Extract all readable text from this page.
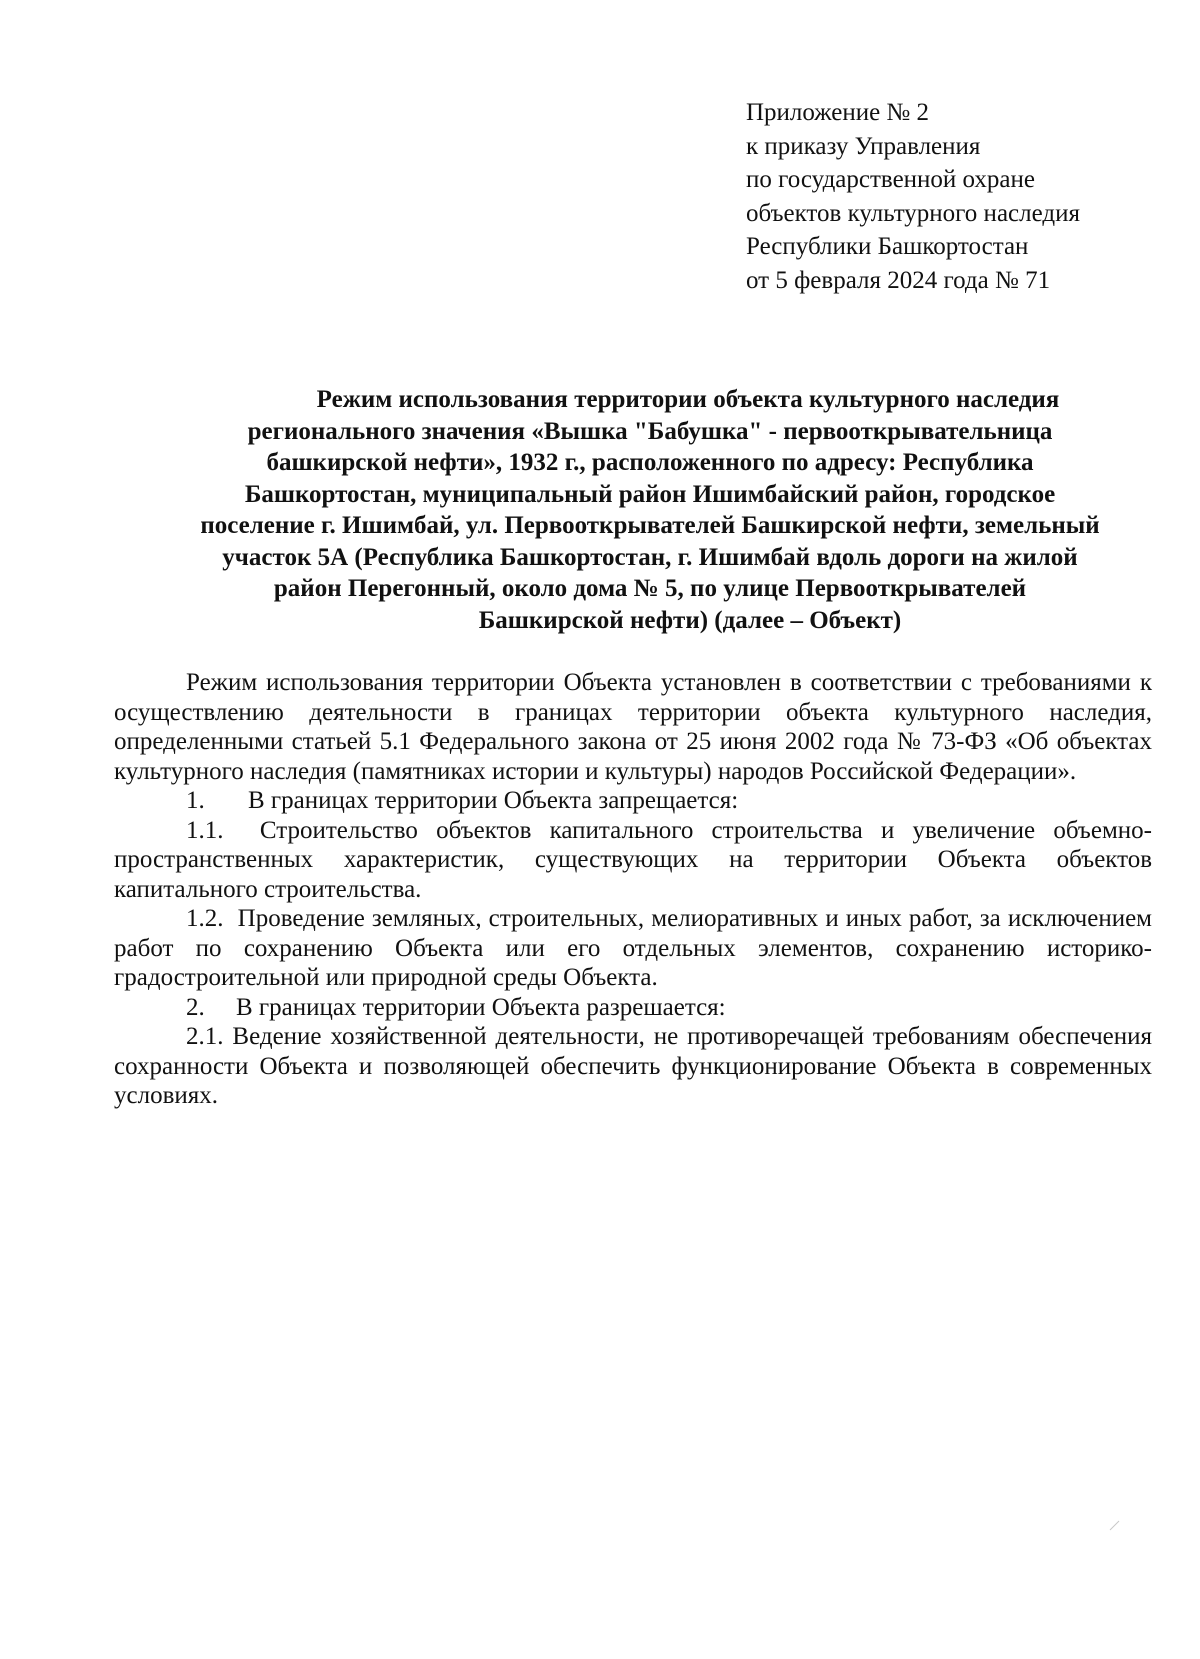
Приложение № 2
к приказу Управления
по государственной охране
объектов культурного наследия
Республики Башкортостан
от 5 февраля 2024 года № 71
Режим использования территории объекта культурного наследия
регионального значения «Вышка "Бабушка" - первооткрывательница
башкирской нефти», 1932 г., расположенного по адресу: Республика
Башкортостан, муниципальный район Ишимбайский район, городское
поселение г. Ишимбай, ул. Первооткрывателей Башкирской нефти, земельный
участок 5А (Республика Башкортостан, г. Ишимбай вдоль дороги на жилой
район Перегонный, около дома № 5, по улице Первооткрывателей
Башкирской нефти) (далее – Объект)

Режим использования территории Объекта установлен в соответствии с требованиями к осуществлению деятельности в границах территории объекта культурного наследия, определенными статьей 5.1 Федерального закона от 25 июня 2002 года № 73-ФЗ «Об объектах культурного наследия (памятниках истории и культуры) народов Российской Федерации».

1. В границах территории Объекта запрещается:

1.1. Строительство объектов капитального строительства и увеличение объемно-пространственных характеристик, существующих на территории Объекта объектов капитального строительства.

1.2. Проведение земляных, строительных, мелиоративных и иных работ, за исключением работ по сохранению Объекта или его отдельных элементов, сохранению историко-градостроительной или природной среды Объекта.

2. В границах территории Объекта разрешается:

2.1. Ведение хозяйственной деятельности, не противоречащей требованиям обеспечения сохранности Объекта и позволяющей обеспечить функционирование Объекта в современных условиях.
